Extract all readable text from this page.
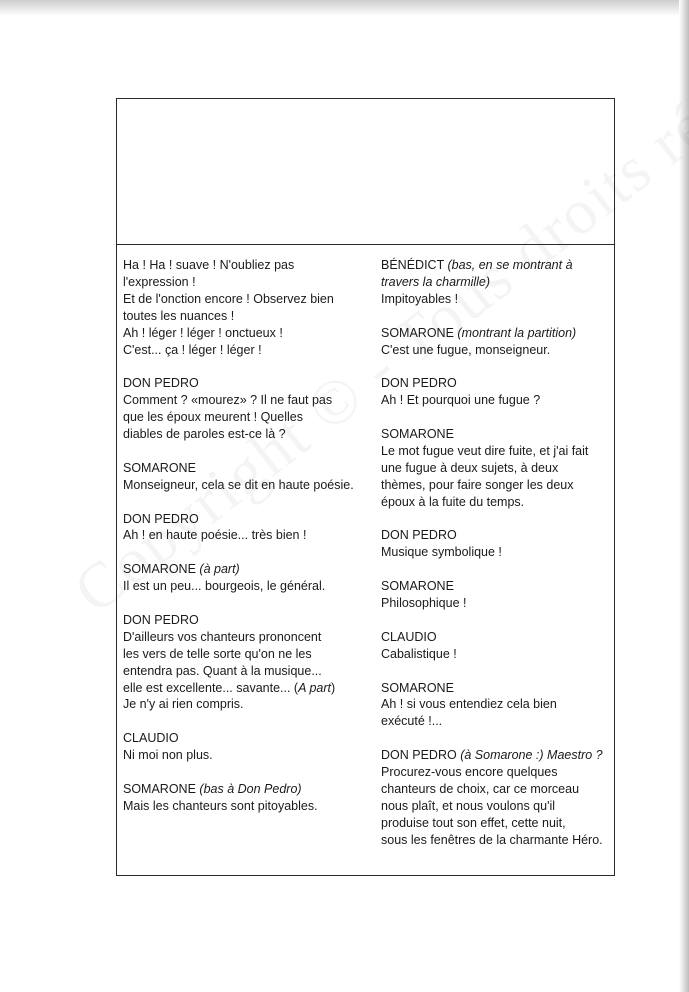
Ha ! Ha ! suave ! N'oubliez pas
l'expression !
Et de l'onction encore ! Observez bien
toutes les nuances !
Ah ! léger ! léger ! onctueux !
C'est... ça ! léger ! léger !
DON PEDRO
Comment ? «mourez» ? Il ne faut pas
que les époux meurent ! Quelles
diables de paroles est-ce là ?
SOMARONE
Monseigneur, cela se dit en haute poésie.
DON PEDRO
Ah ! en haute poésie... très bien !
SOMARONE (à part)
Il est un peu... bourgeois, le général.
DON PEDRO
D'ailleurs vos chanteurs prononcent
les vers de telle sorte qu'on ne les
entendra pas. Quant à la musique...
elle est excellente... savante... (A part)
Je n'y ai rien compris.
CLAUDIO
Ni moi non plus.
SOMARONE (bas à Don Pedro)
Mais les chanteurs sont pitoyables.
BÉNÉDICT (bas, en se montrant à
travers la charmille)
Impitoyables !
SOMARONE (montrant la partition)
C'est une fugue, monseigneur.
DON PEDRO
Ah ! Et pourquoi une fugue ?
SOMARONE
Le mot fugue veut dire fuite, et j'ai fait
une fugue à deux sujets, à deux
thèmes, pour faire songer les deux
époux à la fuite du temps.
DON PEDRO
Musique symbolique !
SOMARONE
Philosophique !
CLAUDIO
Cabalistique !
SOMARONE
Ah ! si vous entendiez cela bien
exécuté !...
DON PEDRO (à Somarone :) Maestro ?
Procurez-vous encore quelques
chanteurs de choix, car ce morceau
nous plaît, et nous voulons qu'il
produise tout son effet, cette nuit,
sous les fenêtres de la charmante Héro.
